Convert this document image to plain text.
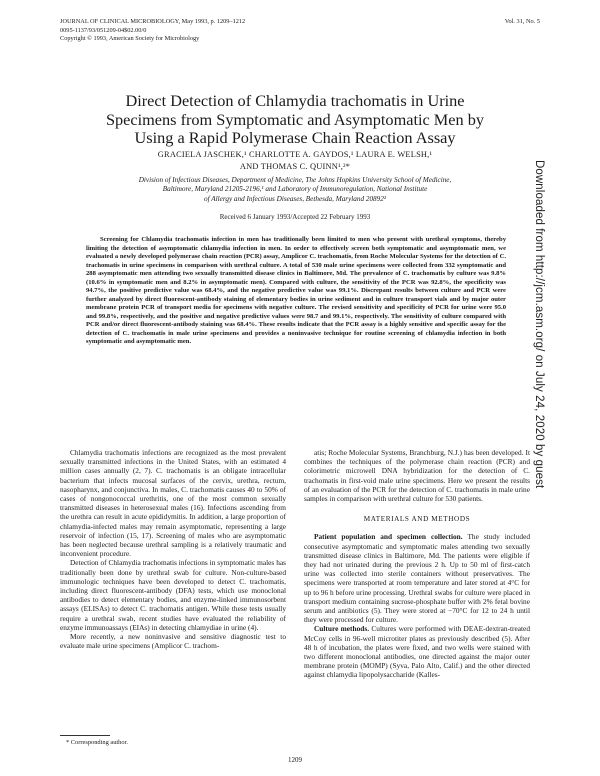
JOURNAL OF CLINICAL MICROBIOLOGY, May 1993, p. 1209–1212
0095-1137/93/051209-04$02.00/0
Copyright © 1993, American Society for Microbiology
Vol. 31, No. 5
Downloaded from http://jcm.asm.org/ on July 24, 2020 by guest
Direct Detection of Chlamydia trachomatis in Urine
Specimens from Symptomatic and Asymptomatic Men by
Using a Rapid Polymerase Chain Reaction Assay
GRACIELA JASCHEK,¹ CHARLOTTE A. GAYDOS,¹ LAURA E. WELSH,¹
AND THOMAS C. QUINN¹,²*
Division of Infectious Diseases, Department of Medicine, The Johns Hopkins University School of Medicine,
Baltimore, Maryland 21205-2196,¹ and Laboratory of Immunoregulation, National Institute
of Allergy and Infectious Diseases, Bethesda, Maryland 20892²
Received 6 January 1993/Accepted 22 February 1993

Screening for Chlamydia trachomatis infection in men has traditionally been limited to men who present with urethral symptoms, thereby limiting the detection of asymptomatic chlamydia infection in men. In order to effectively screen both symptomatic and asymptomatic men, we evaluated a newly developed polymerase chain reaction (PCR) assay, Amplicor C. trachomatis, from Roche Molecular Systems for the detection of C. trachomatis in urine specimens in comparison with urethral culture. A total of 530 male urine specimens were collected from 332 symptomatic and 288 asymptomatic men attending two sexually transmitted disease clinics in Baltimore, Md. The prevalence of C. trachomatis by culture was 9.8% (10.6% in symptomatic men and 8.2% in asymptomatic men). Compared with culture, the sensitivity of the PCR was 92.8%, the specificity was 94.7%, the positive predictive value was 68.4%, and the negative predictive value was 99.1%. Discrepant results between culture and PCR were further analyzed by direct fluorescent-antibody staining of elementary bodies in urine sediment and in culture transport vials and by major outer membrane protein PCR of transport media for specimens with negative culture. The revised sensitivity and specificity of PCR for urine were 95.0 and 99.8%, respectively, and the positive and negative predictive values were 98.7 and 99.1%, respectively. The sensitivity of culture compared with PCR and/or direct fluorescent-antibody staining was 68.4%. These results indicate that the PCR assay is a highly sensitive and specific assay for the detection of C. trachomatis in male urine specimens and provides a noninvasive technique for routine screening of chlamydia infection in both symptomatic and asymptomatic men.

Chlamydia trachomatis infections are recognized as the most prevalent sexually transmitted infections in the United States, with an estimated 4 million cases annually (2, 7). C. trachomatis is an obligate intracellular bacterium that infects mucosal surfaces of the cervix, urethra, rectum, nasopharynx, and conjunctiva. In males, C. trachomatis causes 40 to 50% of cases of nongonococcal urethritis, one of the most common sexually transmitted diseases in heterosexual males (16). Infections ascending from the urethra can result in acute epididymitis. In addition, a large proportion of chlamydia-infected males may remain asymptomatic, representing a large reservoir of infection (15, 17). Screening of males who are asymptomatic has been neglected because urethral sampling is a relatively traumatic and inconvenient procedure.

Detection of Chlamydia trachomatis infections in symptomatic males has traditionally been done by urethral swab for culture. Non-culture-based immunologic techniques have been developed to detect C. trachomatis, including direct fluorescent-antibody (DFA) tests, which use monoclonal antibodies to detect elementary bodies, and enzyme-linked immunosorbent assays (ELISAs) to detect C. trachomatis antigen. While these tests usually require a urethral swab, recent studies have evaluated the reliability of enzyme immunoassays (EIAs) in detecting chlamydiae in urine (4).

More recently, a new noninvasive and sensitive diagnostic test to evaluate male urine specimens (Amplicor C. trachom-

atis; Roche Molecular Systems, Branchburg, N.J.) has been developed. It combines the techniques of the polymerase chain reaction (PCR) and colorimetric microwell DNA hybridization for the detection of C. trachomatis in first-void male urine specimens. Here we present the results of an evaluation of the PCR for the detection of C. trachomatis in male urine samples in comparison with urethral culture for 530 patients.

MATERIALS AND METHODS

Patient population and specimen collection. The study included consecutive asymptomatic and symptomatic males attending two sexually transmitted disease clinics in Baltimore, Md. The patients were eligible if they had not urinated during the previous 2 h. Up to 50 ml of first-catch urine was collected into sterile containers without preservatives. The specimens were transported at room temperature and later stored at 4°C for up to 96 h before urine processing. Urethral swabs for culture were placed in transport medium containing sucrose-phosphate buffer with 2% fetal bovine serum and antibiotics (5). They were stored at −70°C for 12 to 24 h until they were processed for culture.

Culture methods. Cultures were performed with DEAE-dextran-treated McCoy cells in 96-well microtiter plates as previously described (5). After 48 h of incubation, the plates were fixed, and two wells were stained with two different monoclonal antibodies, one directed against the major outer membrane protein (MOMP) (Syva, Palo Alto, Calif.) and the other directed against chlamydia lipopolysaccharide (Kalles-

* Corresponding author.
1209
